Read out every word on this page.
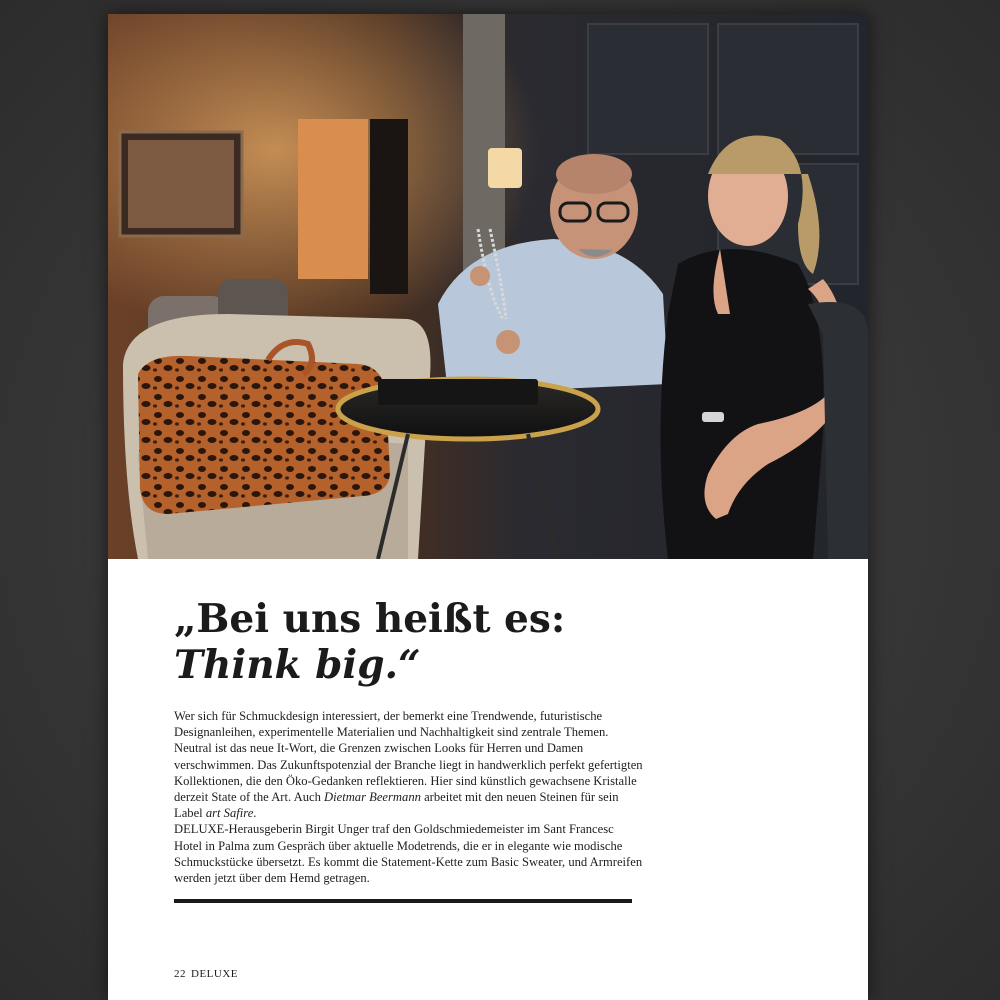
„Bei uns heißt es:

Think big.“

Wer sich für Schmuckdesign interessiert, der bemerkt eine Trendwende, futuristische Designanleihen, experimentelle Materialien und Nachhaltigkeit sind zentrale Themen. Neutral ist das neue It-Wort, die Grenzen zwischen Looks für Herren und Damen verschwimmen. Das Zukunftspotenzial der Branche liegt in handwerklich perfekt gefertigten Kollektionen, die den Öko-Gedanken reflektieren. Hier sind künstlich gewachsene Kristalle derzeit State of the Art. Auch Dietmar Beermann arbeitet mit den neuen Steinen für sein Label art Safire.

DELUXE-Herausgeberin Birgit Unger traf den Goldschmiedemeister im Sant Francesc Hotel in Palma zum Gespräch über aktuelle Modetrends, die er in elegante wie modische Schmuckstücke übersetzt. Es kommt die Statement-Kette zum Basic Sweater, und Armreifen werden jetzt über dem Hemd getragen.

22 DELUXE
